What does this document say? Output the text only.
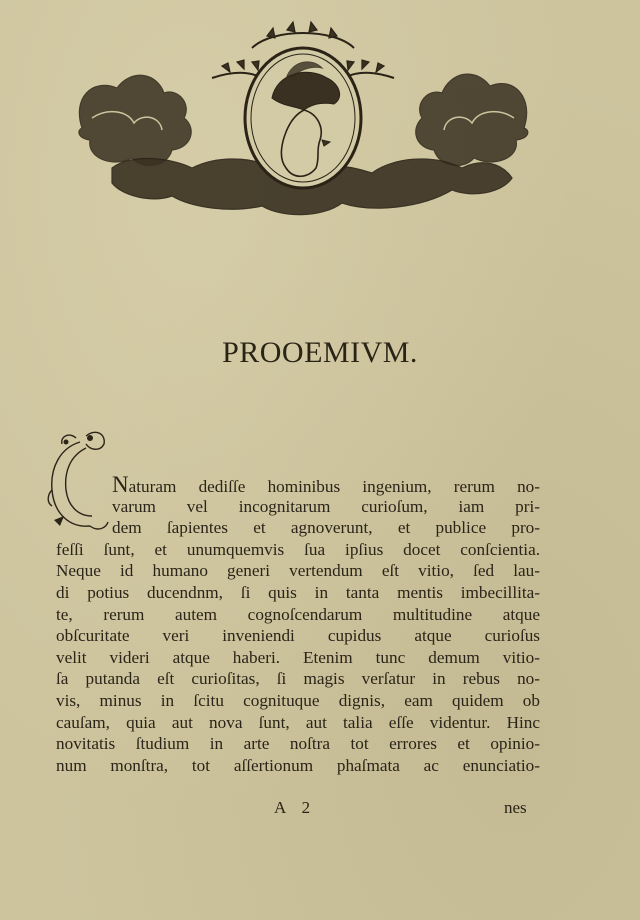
PROOEMIVM.
Naturam dediſſe hominibus ingenium, rerum no-
varum vel incognitarum curioſum, iam pri-
dem ſapientes et agnoverunt, et publice pro-
feſſi ſunt, et unumquemvis ſua ipſius docet conſcientia.
Neque id humano generi vertendum eſt vitio, ſed lau-
di potius ducendnm, ſi quis in tanta mentis imbecillita-
te, rerum autem cognoſcendarum multitudine atque
obſcuritate veri inveniendi cupidus atque curioſus
velit videri atque haberi. Etenim tunc demum vitio-
ſa putanda eſt curioſitas, ſi magis verſatur in rebus no-
vis, minus in ſcitu cognituque dignis, eam quidem ob
cauſam, quia aut nova ſunt, aut talia eſſe videntur. Hinc
novitatis ſtudium in arte noſtra tot errores et opinio-
num monſtra, tot aſſertionum phaſmata ac enunciatio-
A 2	nes
